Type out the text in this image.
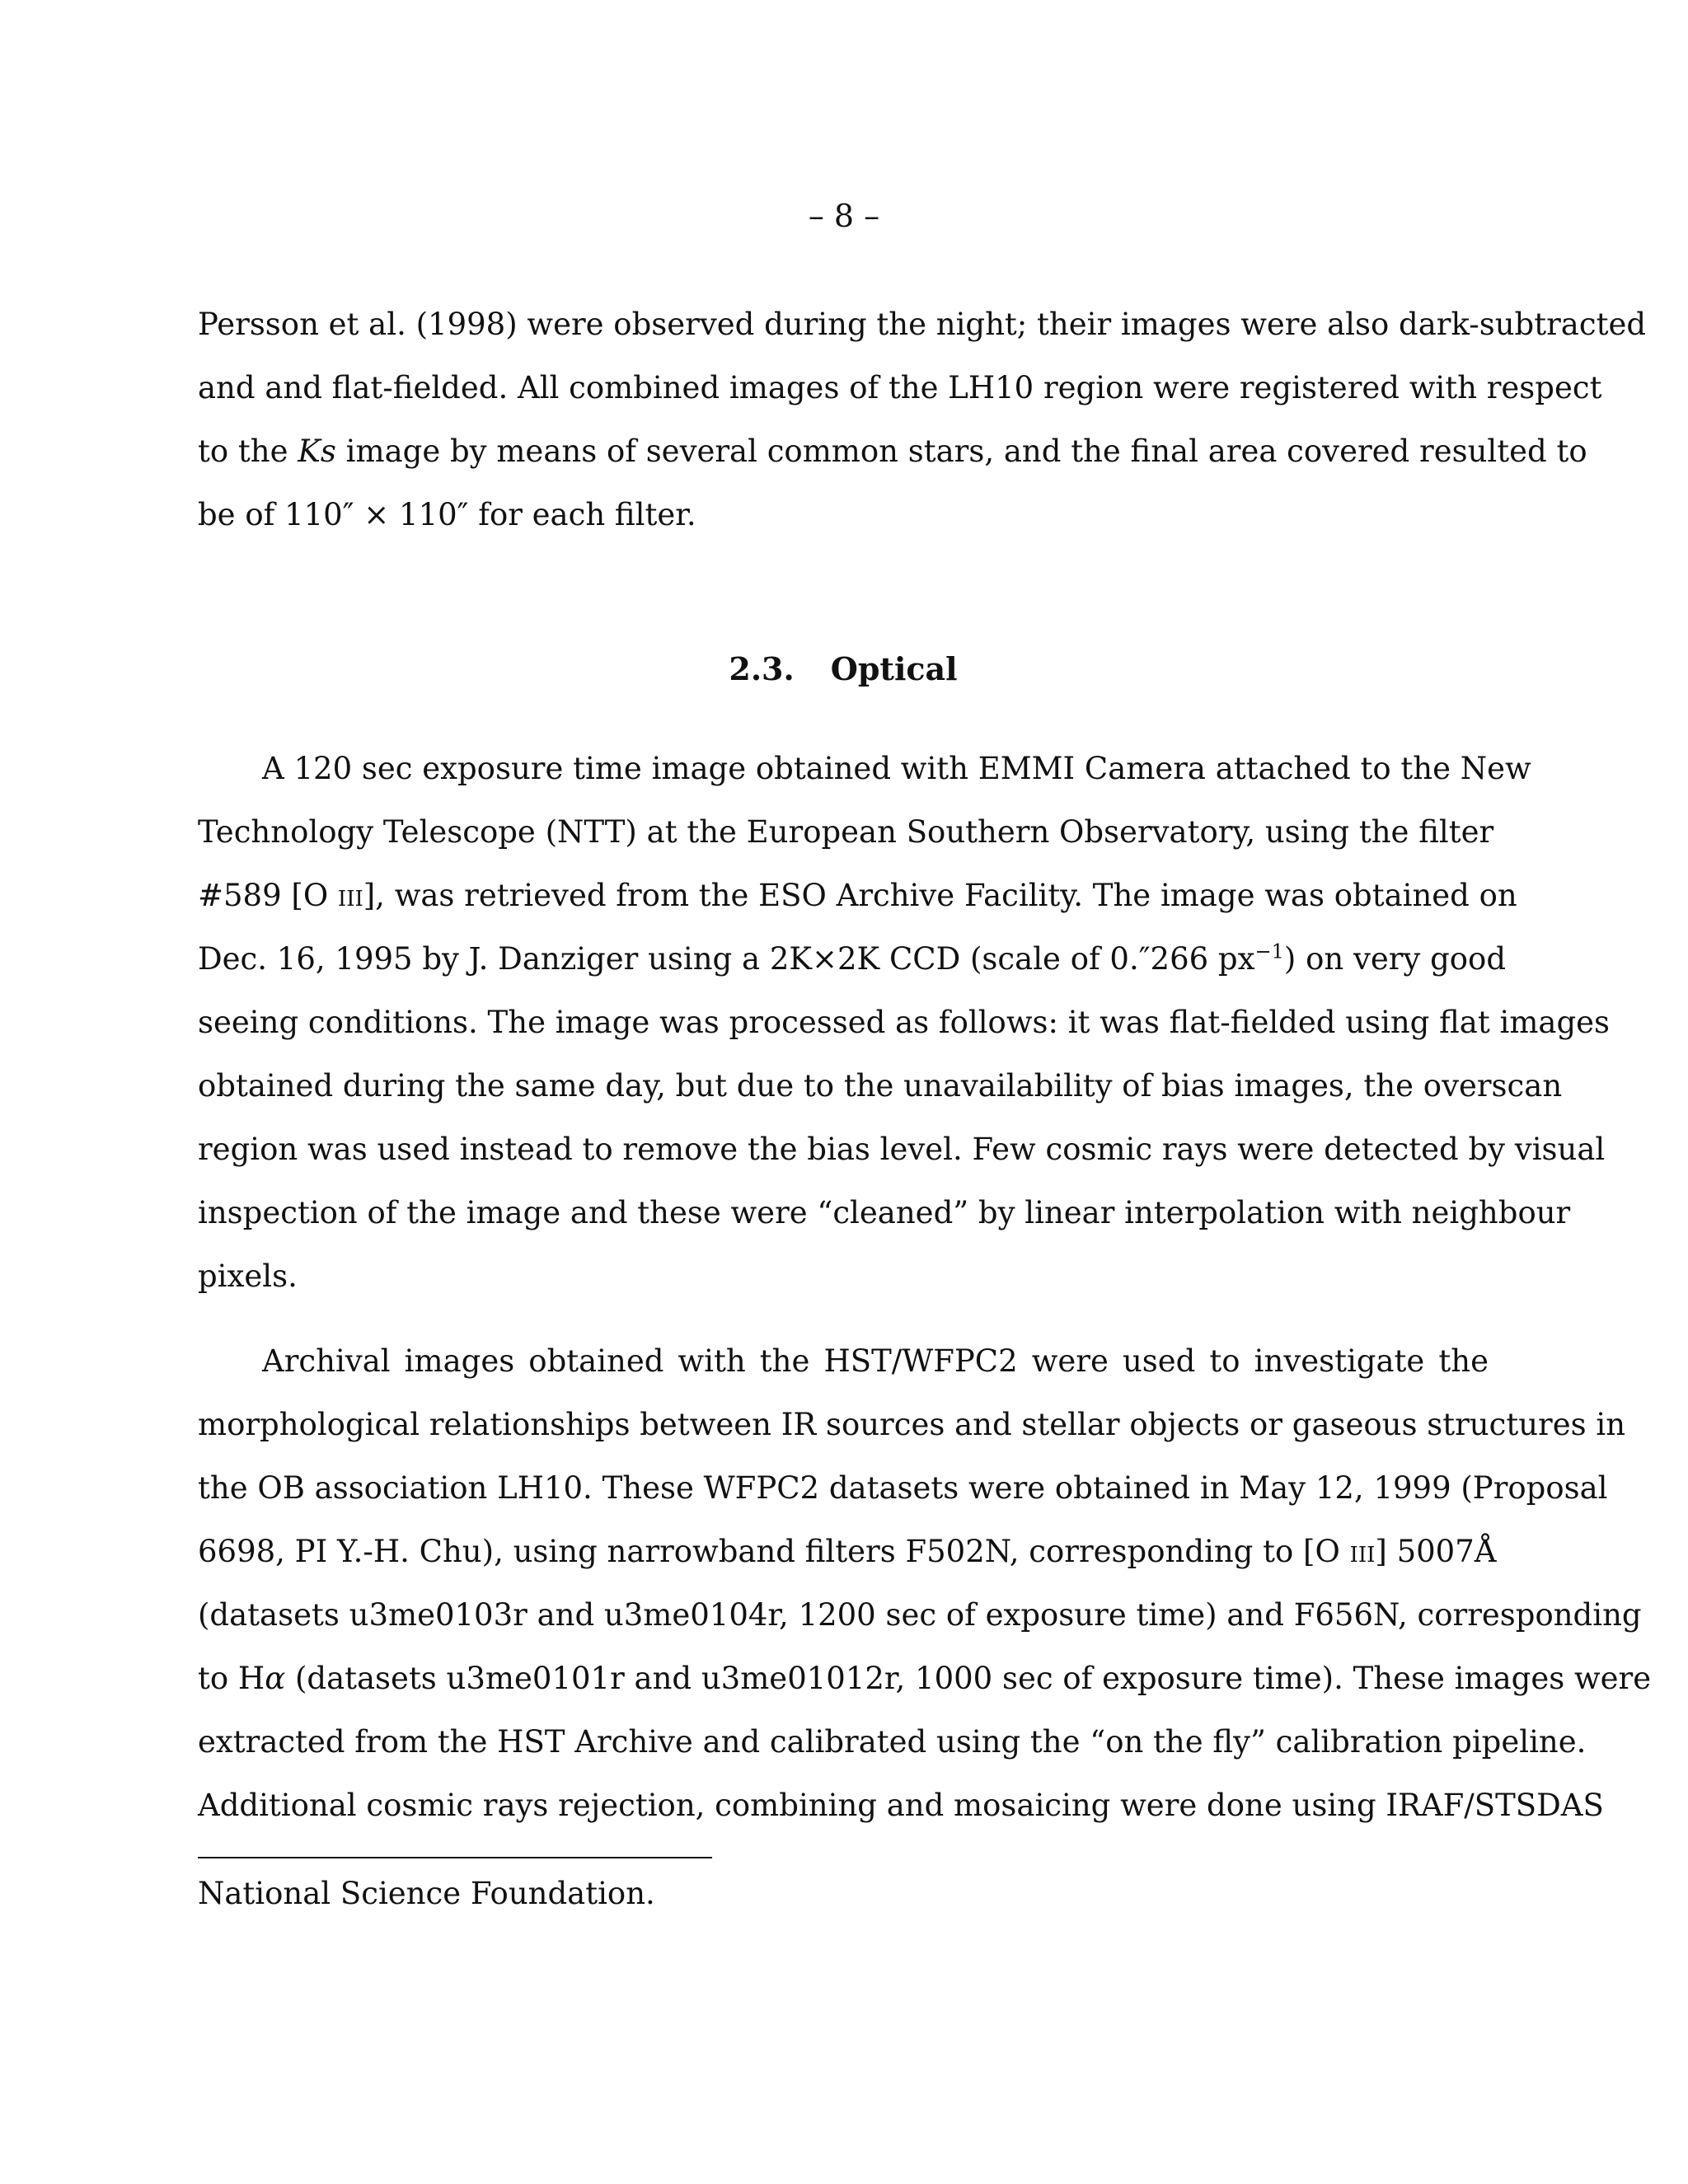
– 8 –
Persson et al. (1998) were observed during the night; their images were also dark-subtracted
and and flat-fielded. All combined images of the LH10 region were registered with respect
to the Ks image by means of several common stars, and the final area covered resulted to
be of 110″ × 110″ for each filter.
2.3. Optical
A 120 sec exposure time image obtained with EMMI Camera attached to the New
Technology Telescope (NTT) at the European Southern Observatory, using the filter
#589 [O iii], was retrieved from the ESO Archive Facility. The image was obtained on
Dec. 16, 1995 by J. Danziger using a 2K×2K CCD (scale of 0.″266 $px^{-1}$) on very good
seeing conditions. The image was processed as follows: it was flat-fielded using flat images
obtained during the same day, but due to the unavailability of bias images, the overscan
region was used instead to remove the bias level. Few cosmic rays were detected by visual
inspection of the image and these were “cleaned” by linear interpolation with neighbour
pixels.
Archival images obtained with the HST/WFPC2 were used to investigate the
morphological relationships between IR sources and stellar objects or gaseous structures in
the OB association LH10. These WFPC2 datasets were obtained in May 12, 1999 (Proposal
6698, PI Y.-H. Chu), using narrowband filters F502N, corresponding to [O iii] 5007Å
(datasets u3me0103r and u3me0104r, 1200 sec of exposure time) and F656N, corresponding
to Hα (datasets u3me0101r and u3me01012r, 1000 sec of exposure time). These images were
extracted from the HST Archive and calibrated using the “on the fly” calibration pipeline.
Additional cosmic rays rejection, combining and mosaicing were done using IRAF/STSDAS
National Science Foundation.
